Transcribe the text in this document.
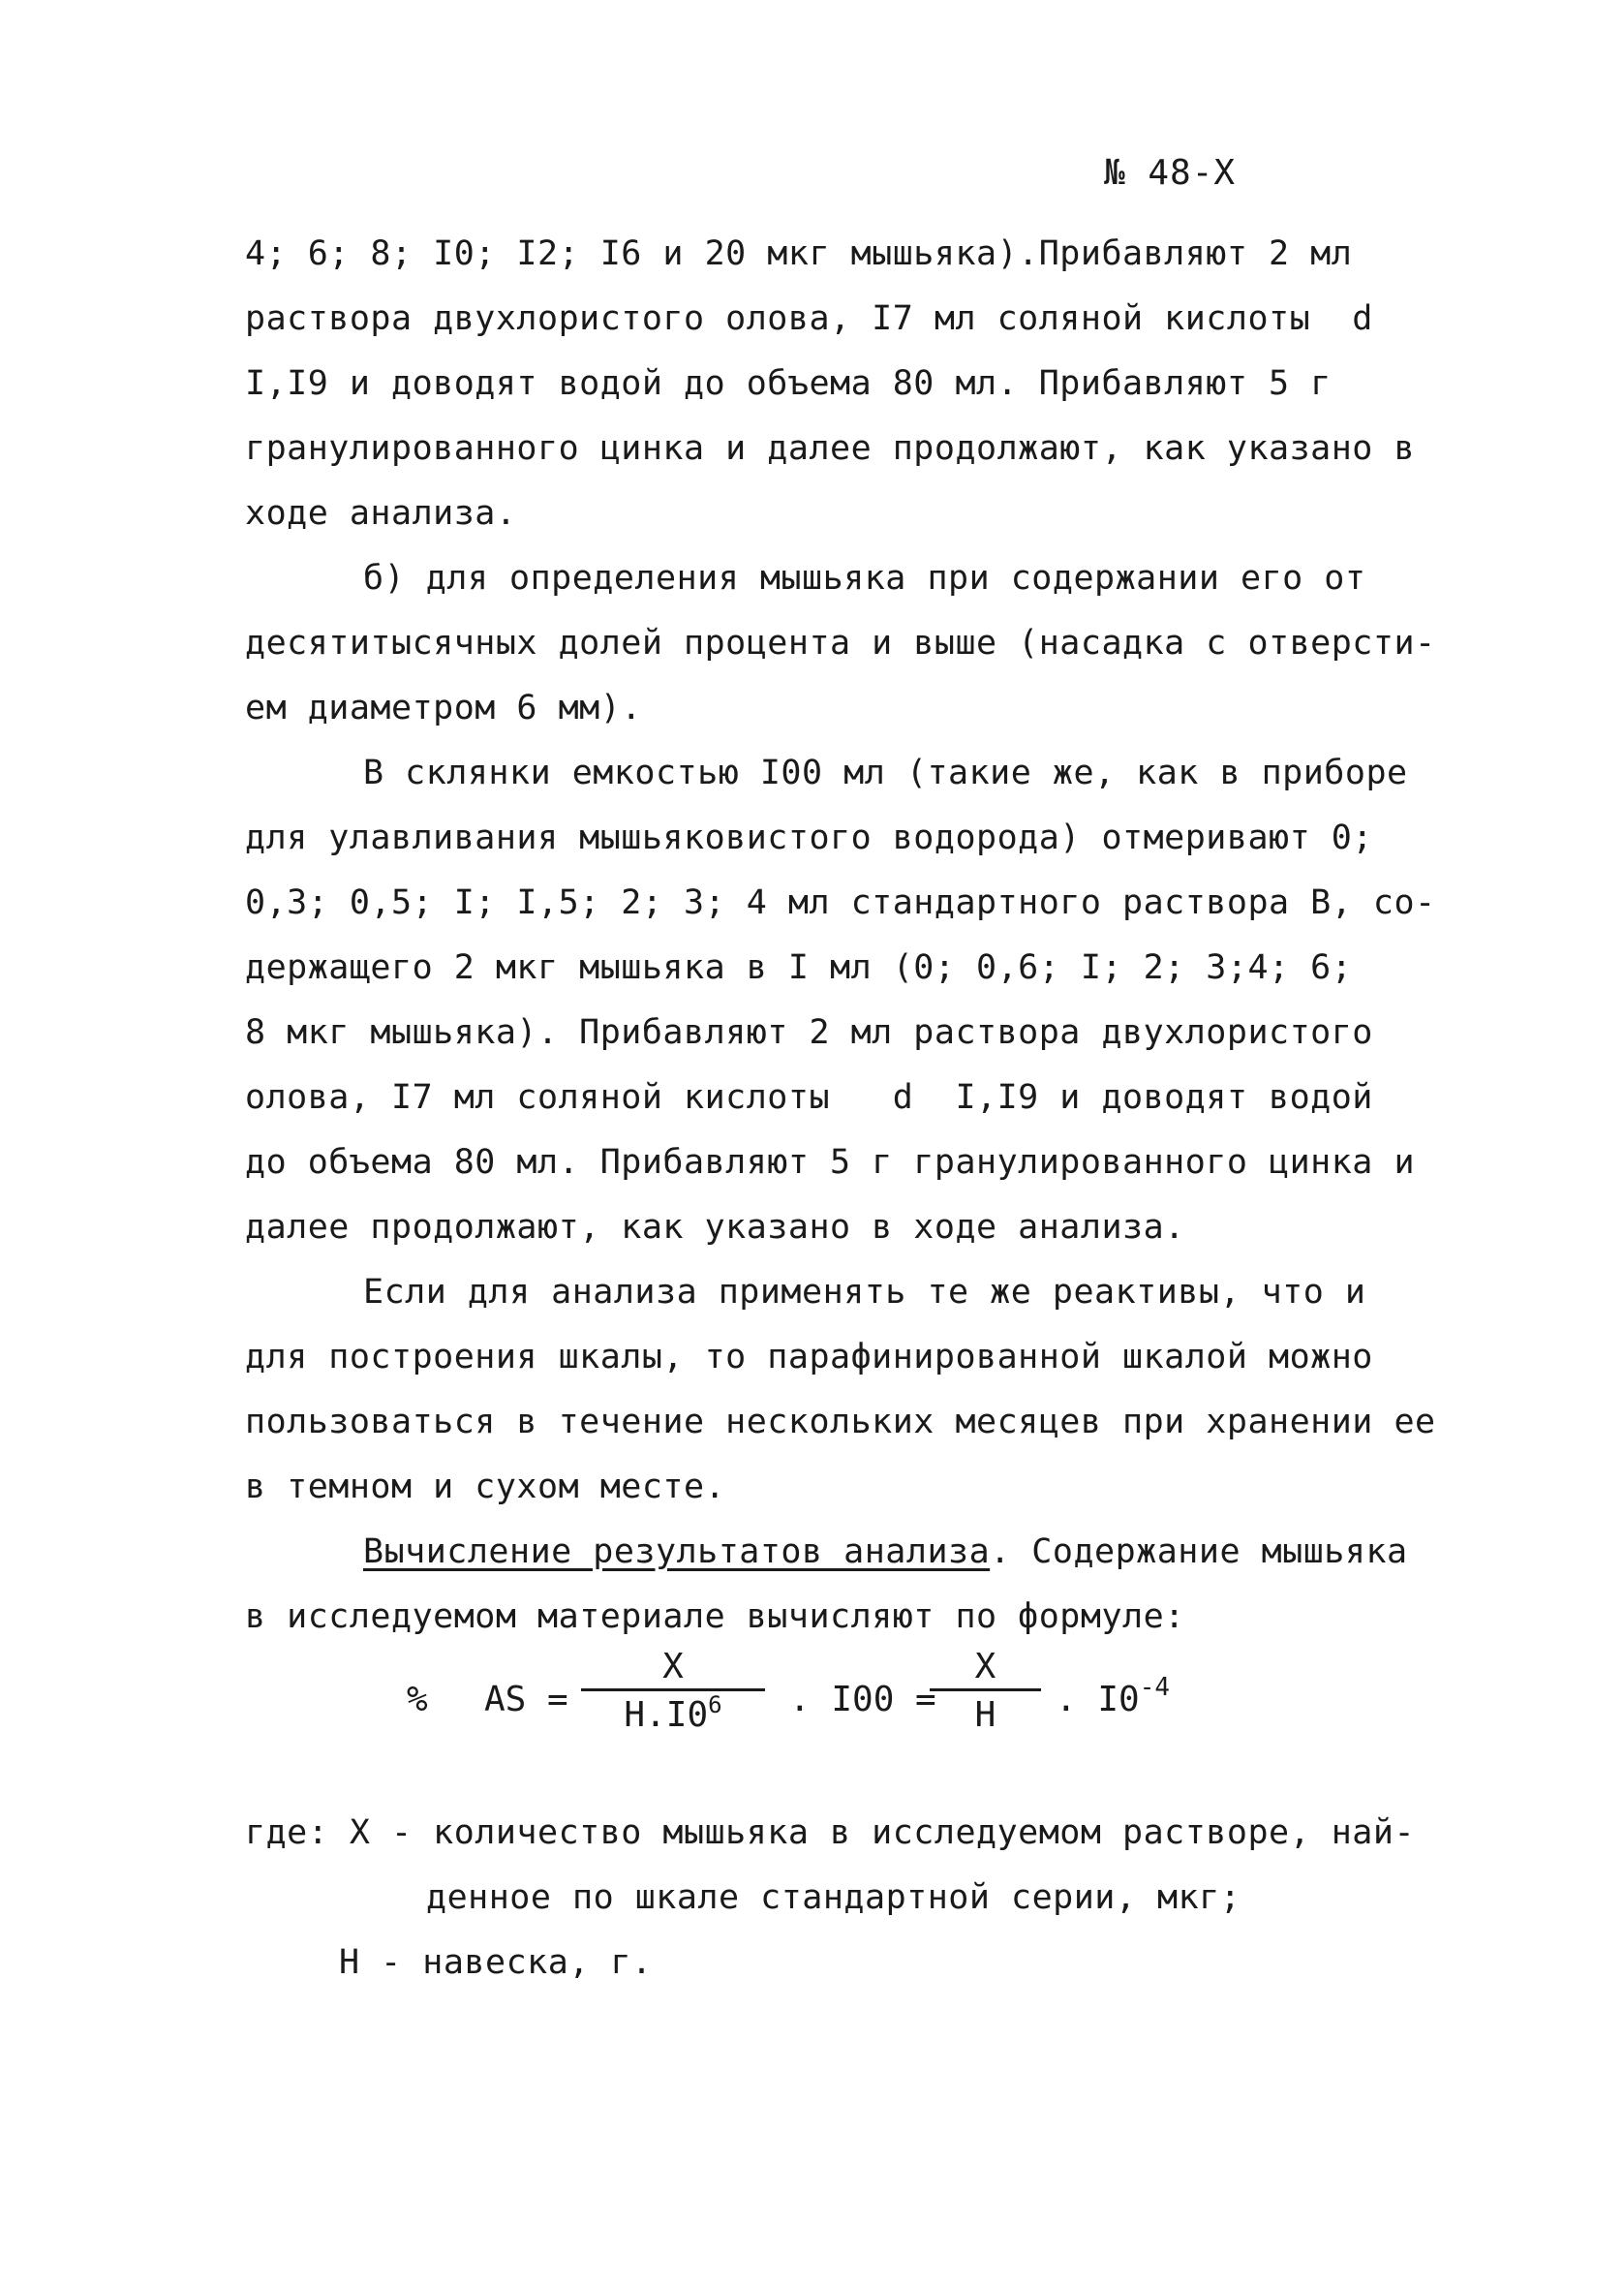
№ 48-X
4; 6; 8; I0; I2; I6 и 20 мкг мышьяка).Прибавляют 2 мл
раствора двухлористого олова, I7 мл соляной кислоты  d
I,I9 и доводят водой до объема 80 мл. Прибавляют 5 г
гранулированного цинка и далее продолжают, как указано в
ходе анализа.
б) для определения мышьяка при содержании его от
десятитысячных долей процента и выше (насадка с отверсти-
ем диаметром 6 мм).
В склянки емкостью I00 мл (такие же, как в приборе
для улавливания мышьяковистого водорода) отмеривают 0;
0,3; 0,5; I; I,5; 2; 3; 4 мл стандартного раствора В, со-
держащего 2 мкг мышьяка в I мл (0; 0,6; I; 2; 3;4; 6;
8 мкг мышьяка). Прибавляют 2 мл раствора двухлористого
олова, I7 мл соляной кислоты   d  I,I9 и доводят водой
до объема 80 мл. Прибавляют 5 г гранулированного цинка и
далее продолжают, как указано в ходе анализа.
Если для анализа применять те же реактивы, что и
для построения шкалы, то парафинированной шкалой можно
пользоваться в течение нескольких месяцев при хранении ее
в темном и сухом месте.
Вычисление результатов анализа. Содержание мышьяка
в исследуемом материале вычисляют по формуле:
% AS =
X
$H.I0^6$	. I00 =
X
H	. $I0^{-4}$
где: X - количество мышьяка в исследуемом растворе, най-
денное по шкале стандартной серии, мкг;
H - навеска, г.
